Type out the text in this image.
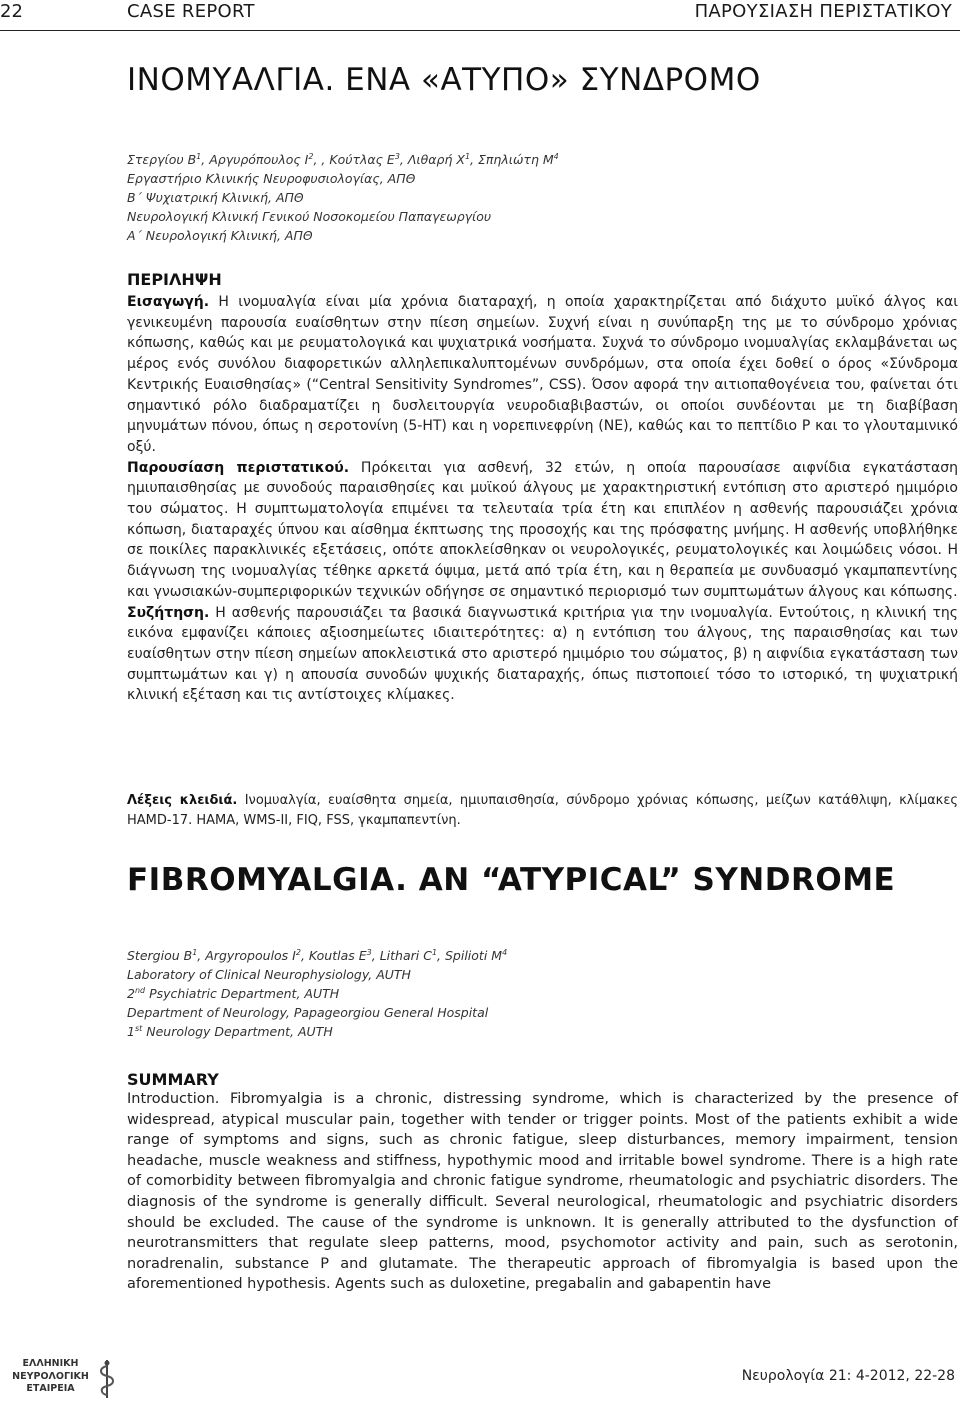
22	CASE REPORT	ΠΑΡΟΥΣΙΑΣΗ ΠΕΡΙΣΤΑΤΙΚΟΥ
ΙΝΟΜΥΑΛΓΙΑ. ΕΝΑ «ΑΤΥΠΟ» ΣΥΝΔΡΟΜΟ
Στεργίου $B^1$, Αργυρόπουλος $I^2$, , Κούτλας $E^3$, Λιθαρή $X^1$, Σπηλιώτη $M^4$
Εργαστήριο Κλινικής Νευροφυσιολογίας, ΑΠΘ
Β΄ Ψυχιατρική Κλινική, ΑΠΘ
Νευρολογική Κλινική Γενικού Νοσοκομείου Παπαγεωργίου
Α΄ Νευρολογική Κλινική, ΑΠΘ
ΠΕΡΙΛΗΨΗ

Εισαγωγή. Η ινομυαλγία είναι μία χρόνια διαταραχή, η οποία χαρακτηρίζεται από διάχυτο μυϊκό άλγος και γενικευμένη παρουσία ευαίσθητων στην πίεση σημείων. Συχνή είναι η συνύπαρξη της με το σύνδρομο χρόνιας κόπωσης, καθώς και με ρευματολογικά και ψυχιατρικά νοσήματα. Συχνά το σύνδρομο ινομυαλγίας εκλαμβάνεται ως μέρος ενός συνόλου διαφορετικών αλληλεπικαλυπτομένων συνδρόμων, στα οποία έχει δοθεί ο όρος «Σύνδρομα Κεντρικής Ευαισθησίας» (“Central Sensitivity Syndromes”, CSS). Όσον αφορά την αιτιοπαθογένεια του, φαίνεται ότι σημαντικό ρόλο διαδραματίζει η δυσλειτουργία νευροδιαβιβαστών, οι οποίοι συνδέονται με τη διαβίβαση μηνυμάτων πόνου, όπως η σεροτονίνη (5-HT) και η νορεπινεφρίνη (NE), καθώς και το πεπτίδιο P και το γλουταμινικό οξύ.

Παρουσίαση περιστατικού. Πρόκειται για ασθενή, 32 ετών, η οποία παρουσίασε αιφνίδια εγκατάσταση ημιυπαισθησίας με συνοδούς παραισθησίες και μυϊκού άλγους με χαρακτηριστική εντόπιση στο αριστερό ημιμόριο του σώματος. Η συμπτωματολογία επιμένει τα τελευταία τρία έτη και επιπλέον η ασθενής παρουσιάζει χρόνια κόπωση, διαταραχές ύπνου και αίσθημα έκπτωσης της προσοχής και της πρόσφατης μνήμης. Η ασθενής υποβλήθηκε σε ποικίλες παρακλινικές εξετάσεις, οπότε αποκλείσθηκαν οι νευρολογικές, ρευματολογικές και λοιμώδεις νόσοι. Η διάγνωση της ινομυαλγίας τέθηκε αρκετά όψιμα, μετά από τρία έτη, και η θεραπεία με συνδυασμό γκαμπαπεντίνης και γνωσιακών-συμπεριφορικών τεχνικών οδήγησε σε σημαντικό περιορισμό των συμπτωμάτων άλγους και κόπωσης.

Συζήτηση. Η ασθενής παρουσιάζει τα βασικά διαγνωστικά κριτήρια για την ινομυαλγία. Εντούτοις, η κλινική της εικόνα εμφανίζει κάποιες αξιοσημείωτες ιδιαιτερότητες: α) η εντόπιση του άλγους, της παραισθησίας και των ευαίσθητων στην πίεση σημείων αποκλειστικά στο αριστερό ημιμόριο του σώματος, β) η αιφνίδια εγκατάσταση των συμπτωμάτων και γ) η απουσία συνοδών ψυχικής διαταραχής, όπως πιστοποιεί τόσο το ιστορικό, τη ψυχιατρική κλινική εξέταση και τις αντίστοιχες κλίμακες.

Λέξεις κλειδιά. Ινομυαλγία, ευαίσθητα σημεία, ημιυπαισθησία, σύνδρομο χρόνιας κόπωσης, μείζων κατάθλιψη, κλίμακες HAMD-17. HAMA, WMS-II, FIQ, FSS, γκαμπαπεντίνη.
FIBROMYALGIA. AN “ATYPICAL” SYNDROME
Stergiou $B^1$, Argyropoulos $I^2$, Koutlas $E^3$, Lithari $C^1$, Spilioti $M^4$
Laboratory of Clinical Neurophysiology, AUTH
2nd Psychiatric Department, AUTH
Department of Neurology, Papageorgiou General Hospital
1st Neurology Department, AUTH
SUMMARY

Introduction. Fibromyalgia is a chronic, distressing syndrome, which is characterized by the presence of widespread, atypical muscular pain, together with tender or trigger points. Most of the patients exhibit a wide range of symptoms and signs, such as chronic fatigue, sleep disturbances, memory impairment, tension headache, muscle weakness and stiffness, hypothymic mood and irritable bowel syndrome. There is a high rate of comorbidity between fibromyalgia and chronic fatigue syndrome, rheumatologic and psychiatric disorders. The diagnosis of the syndrome is generally difficult. Several neurological, rheumatologic and psychiatric disorders should be excluded. The cause of the syndrome is unknown. It is generally attributed to the dysfunction of neurotransmitters that regulate sleep patterns, mood, psychomotor activity and pain, such as serotonin, noradrenalin, substance P and glutamate. The therapeutic approach of fibromyalgia is based upon the aforementioned hypothesis. Agents such as duloxetine, pregabalin and gabapentin have

ΕΛΛΗΝΙΚΗ
ΝΕΥΡΟΛΟΓΙΚΗ
ΕΤΑΙΡΕΙΑ
Νευρολογία 21: 4-2012, 22-28
